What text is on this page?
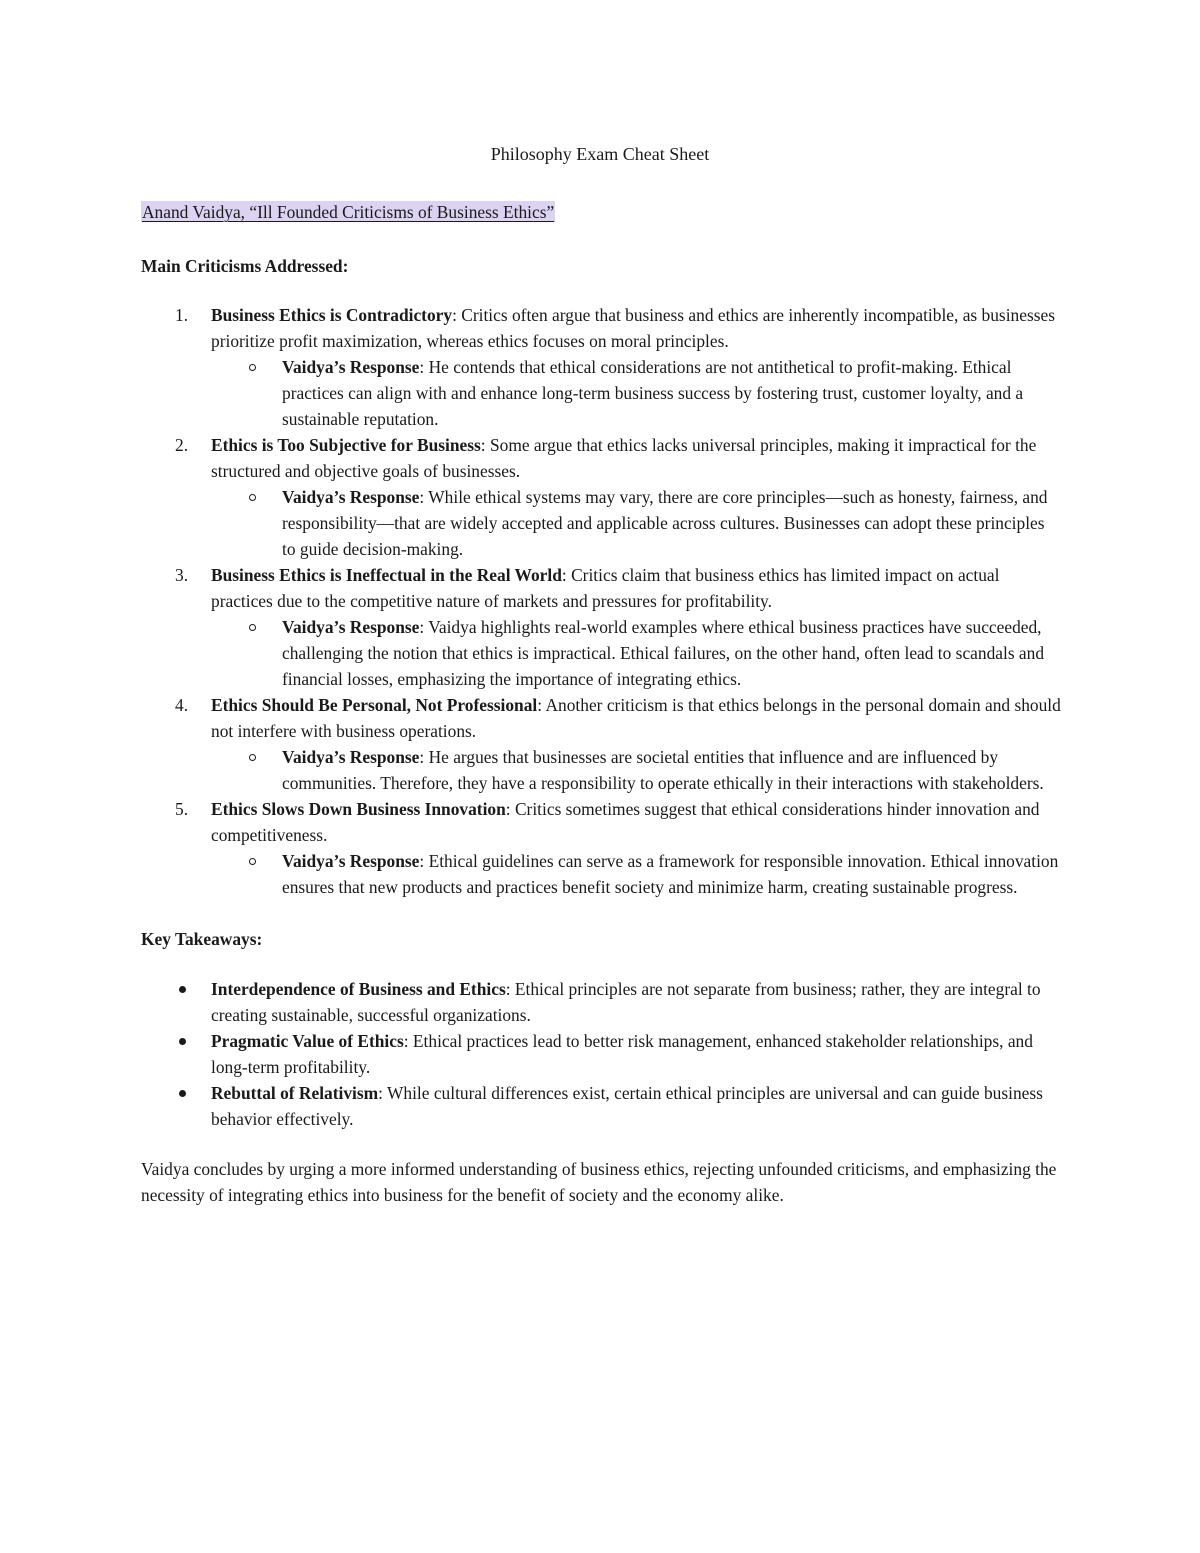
Philosophy Exam Cheat Sheet

Anand Vaidya, “Ill Founded Criticisms of Business Ethics”

Main Criticisms Addressed:

1. Business Ethics is Contradictory: Critics often argue that business and ethics are inherently incompatible, as businesses prioritize profit maximization, whereas ethics focuses on moral principles.
Vaidya’s Response: He contends that ethical considerations are not antithetical to profit-making. Ethical practices can align with and enhance long-term business success by fostering trust, customer loyalty, and a sustainable reputation.
2. Ethics is Too Subjective for Business: Some argue that ethics lacks universal principles, making it impractical for the structured and objective goals of businesses.
Vaidya’s Response: While ethical systems may vary, there are core principles—such as honesty, fairness, and responsibility—that are widely accepted and applicable across cultures. Businesses can adopt these principles to guide decision-making.
3. Business Ethics is Ineffectual in the Real World: Critics claim that business ethics has limited impact on actual practices due to the competitive nature of markets and pressures for profitability.
Vaidya’s Response: Vaidya highlights real-world examples where ethical business practices have succeeded, challenging the notion that ethics is impractical. Ethical failures, on the other hand, often lead to scandals and financial losses, emphasizing the importance of integrating ethics.
4. Ethics Should Be Personal, Not Professional: Another criticism is that ethics belongs in the personal domain and should not interfere with business operations.
Vaidya’s Response: He argues that businesses are societal entities that influence and are influenced by communities. Therefore, they have a responsibility to operate ethically in their interactions with stakeholders.
5. Ethics Slows Down Business Innovation: Critics sometimes suggest that ethical considerations hinder innovation and competitiveness.
Vaidya’s Response: Ethical guidelines can serve as a framework for responsible innovation. Ethical innovation ensures that new products and practices benefit society and minimize harm, creating sustainable progress.

Key Takeaways:

Interdependence of Business and Ethics: Ethical principles are not separate from business; rather, they are integral to creating sustainable, successful organizations.
Pragmatic Value of Ethics: Ethical practices lead to better risk management, enhanced stakeholder relationships, and long-term profitability.
Rebuttal of Relativism: While cultural differences exist, certain ethical principles are universal and can guide business behavior effectively.

Vaidya concludes by urging a more informed understanding of business ethics, rejecting unfounded criticisms, and emphasizing the necessity of integrating ethics into business for the benefit of society and the economy alike.
